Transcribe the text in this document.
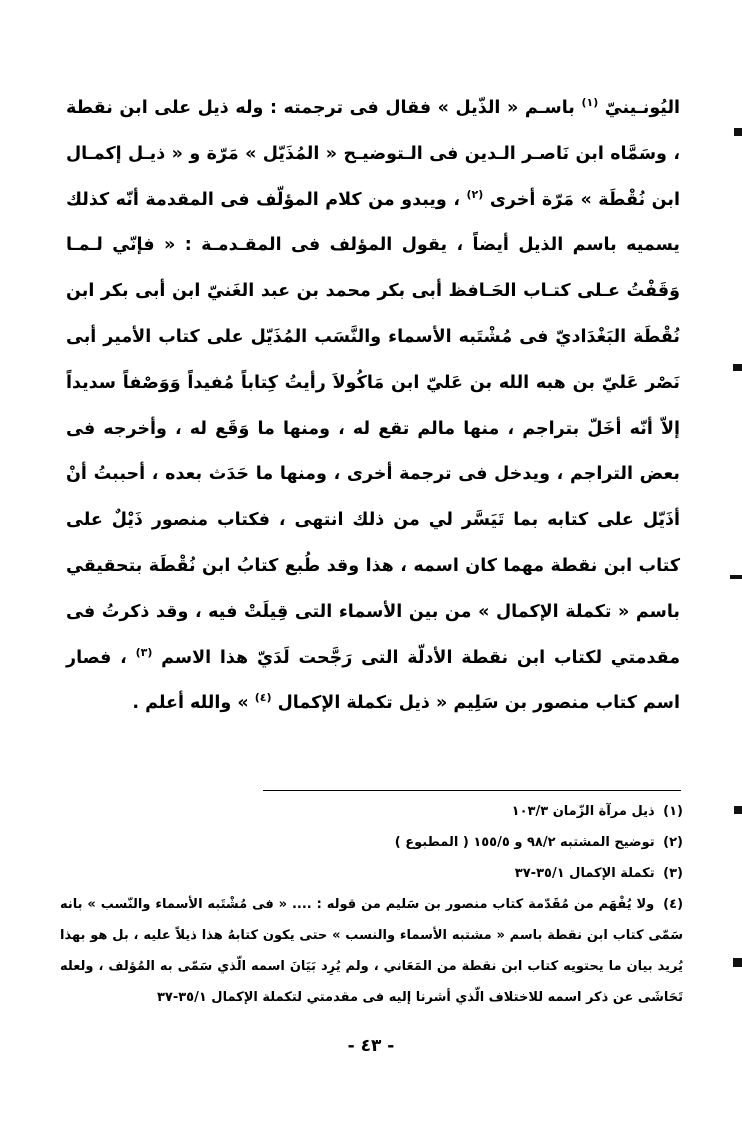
اليُونـينيّ $^{(١)}$ باسـم « الذّيل » فقال فى ترجمته : وله ذيل على ابن نقطة ، وسَمَّاه ابن نَاصـر الـدين فى الـتوضيـح « المُذَيّل » مَرّة و « ذيـل إكمـال ابن نُقْطَة » مَرّة أخرى $^{(٢)}$ ، ويبدو من كلام المؤلّف فى المقدمة أنّه كذلك يسميه باسم الذيل أيضاً ، يقول المؤلف فى المقـدمـة : « فإنّي لـمـا وَقَفْتُ عـلى كتـاب الحَـافظ أبى بكر محمد بن عبد الغَنيّ ابن أبى بكر ابن نُقْطَة البَغْدَاديّ فى مُشْتَبه الأسماء والنَّسَب المُذَيّل على كتاب الأمير أبى نَصْر عَليّ بن هبه الله بن عَليّ ابن مَاكُولاَ رأيتُ كِتاباً مُفيداً وَوَصْفاً سديداً إلاّ أنّه أخَلّ بتراجم ، منها مالم تقع له ، ومنها ما وَقَع له ، وأخرجه فى بعض التراجم ، ويدخل فى ترجمة أخرى ، ومنها ما حَدَث بعده ، أحببتُ أنْ أذَيّل على كتابه بما تَيَسَّر لي من ذلك انتهى ، فكتاب منصور ذَيْلٌ على كتاب ابن نقطة مهما كان اسمه ، هذا وقد طُبع كتابُ ابن نُقْطَة بتحقيقي باسم « تكملة الإكمال » من بين الأسماء التى قِيلَتْ فيه ، وقد ذكرتُ فى مقدمتي لكتاب ابن نقطة الأدلّة التى رَجَّحت لَدَيّ هذا الاسم $^{(٣)}$ ، فصار اسم كتاب منصور بن سَلِيم « ذيل تكملة الإكمال $^{(٤)}$ » والله أعلم .

(١) ذيل مرآة الزّمان ١٠٣/٣
(٢) توضيح المشتبه ٩٨/٢ و ١٥٥/٥ ( المطبوع )
(٣) تكملة الإكمال ٣٥/١-٣٧
(٤) ولا يُفْهَم من مُقَدّمة كتاب منصور بن سَليم من قوله : .... « فى مُشْتَبه الأسماء والنّسب » بانه سَمّى كتاب ابن نقطة باسم « مشتبه الأسماء والنسب » حتى يكون كتابهُ هذا ذيلاً عليه ، بل هو بهذا يُريد بيان ما يحتويه كتاب ابن نقطة من المَعَاني ، ولم يُرِد بَيَانَ اسمه الّذي سَمّى به المُؤلف ، ولعله تَحَاشَى عن ذكر اسمه للاختلاف الّذي أشرنا إليه فى مقدمتي لتكملة الإكمال ٣٥/١-٣٧
- ٤٣ -
